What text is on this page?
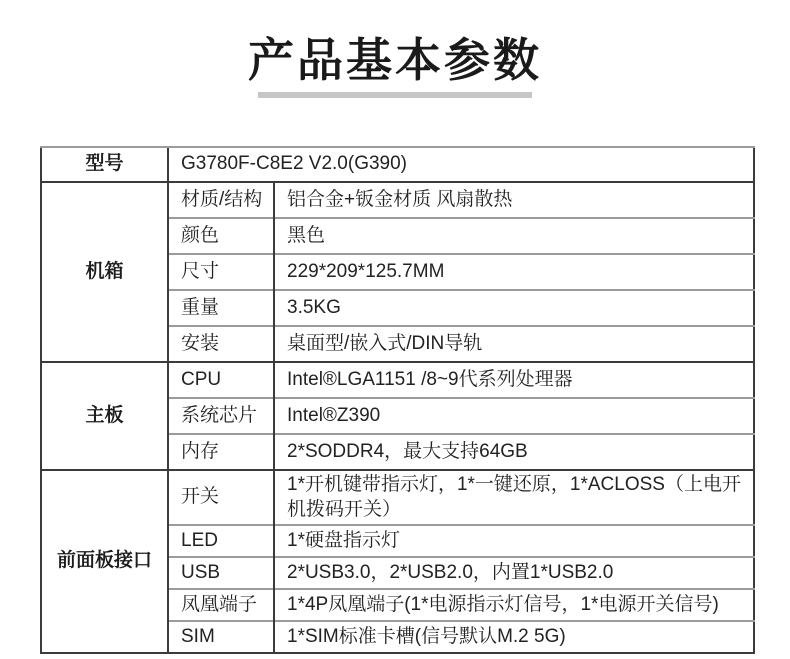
产品基本参数
型号	G3780F-C8E2 V2.0(G390)	
机箱	材质/结构	铝合金+钣金材质 风扇散热
	颜色	黑色
	尺寸	229*209*125.7MM
	重量	3.5KG
	安装	桌面型/嵌入式/DIN导轨
主板	CPU	Intel®LGA1151 /8~9代系列处理器
	系统芯片	Intel®Z390
	内存	2*SODDR4，最大支持64GB
前面板接口	开关	1*开机键带指示灯，1*一键还原，1*ACLOSS（上电开机拨码开关）
	LED	1*硬盘指示灯
	USB	2*USB3.0，2*USB2.0，内置1*USB2.0
	凤凰端子	1*4P凤凰端子(1*电源指示灯信号，1*电源开关信号)
	SIM	1*SIM标准卡槽(信号默认M.2 5G)
